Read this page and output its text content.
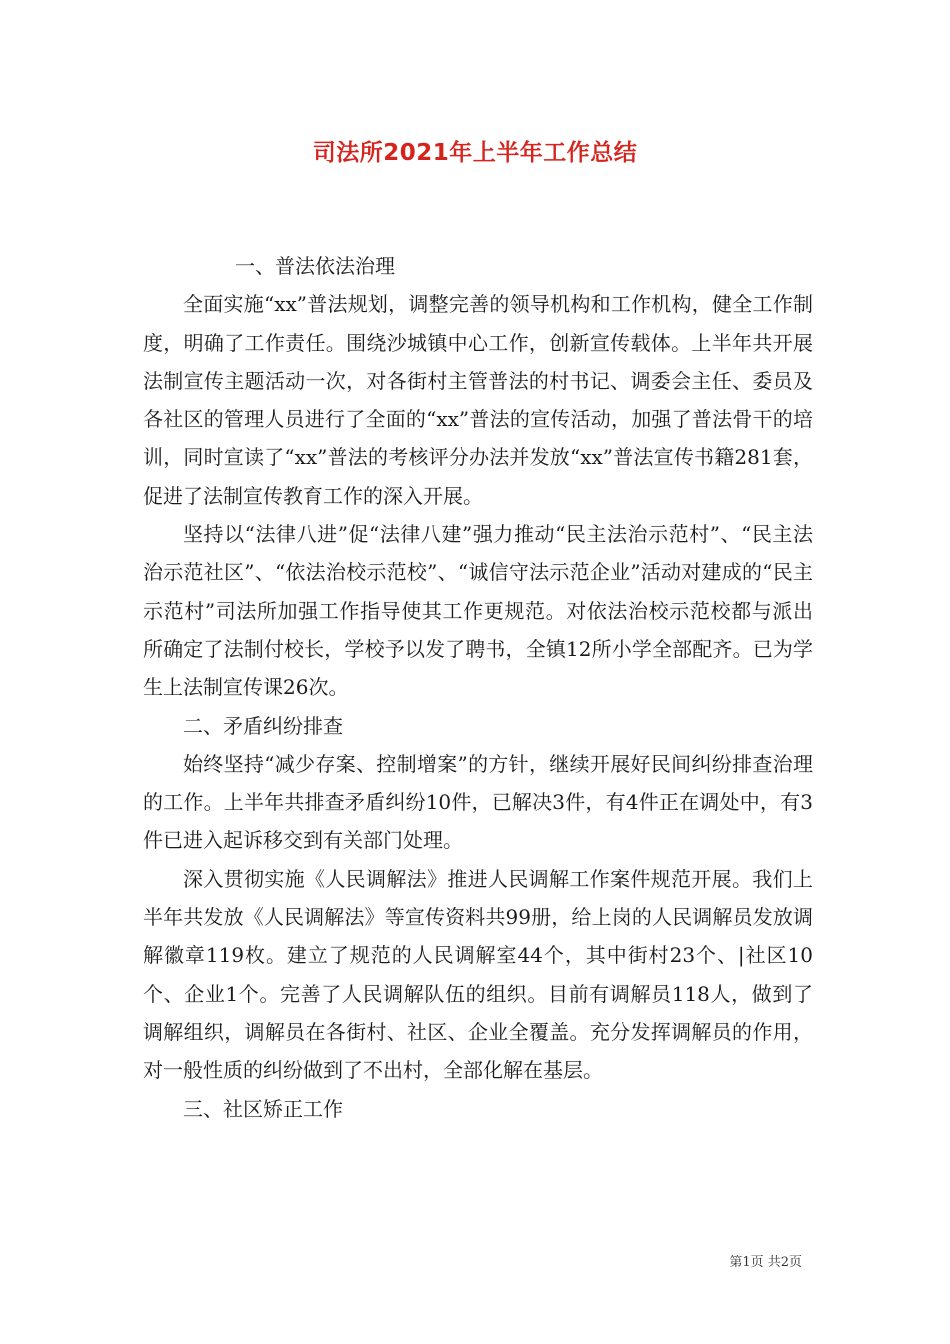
司法所2021年上半年工作总结

一、普法依法治理

全面实施“xx”普法规划，调整完善的领导机构和工作机构，健全工作制度，明确了工作责任。围绕沙城镇中心工作，创新宣传载体。上半年共开展法制宣传主题活动一次，对各街村主管普法的村书记、调委会主任、委员及各社区的管理人员进行了全面的“xx”普法的宣传活动，加强了普法骨干的培训，同时宣读了“xx”普法的考核评分办法并发放“xx”普法宣传书籍281套，促进了法制宣传教育工作的深入开展。

坚持以“法律八进”促“法律八建”强力推动“民主法治示范村”、“民主法治示范社区”、“依法治校示范校”、“诚信守法示范企业”活动对建成的“民主示范村”司法所加强工作指导使其工作更规范。对依法治校示范校都与派出所确定了法制付校长，学校予以发了聘书，全镇12所小学全部配齐。已为学生上法制宣传课26次。

二、矛盾纠纷排查

始终坚持“减少存案、控制增案”的方针，继续开展好民间纠纷排查治理的工作。上半年共排查矛盾纠纷10件，已解决3件，有4件正在调处中，有3件已进入起诉移交到有关部门处理。

深入贯彻实施《人民调解法》推进人民调解工作案件规范开展。我们上半年共发放《人民调解法》等宣传资料共99册，给上岗的人民调解员发放调解徽章119枚。建立了规范的人民调解室44个，其中街村23个、|社区10个、企业1个。完善了人民调解队伍的组织。目前有调解员118人，做到了调解组织，调解员在各街村、社区、企业全覆盖。充分发挥调解员的作用，对一般性质的纠纷做到了不出村，全部化解在基层。

三、社区矫正工作

第1页 共2页
